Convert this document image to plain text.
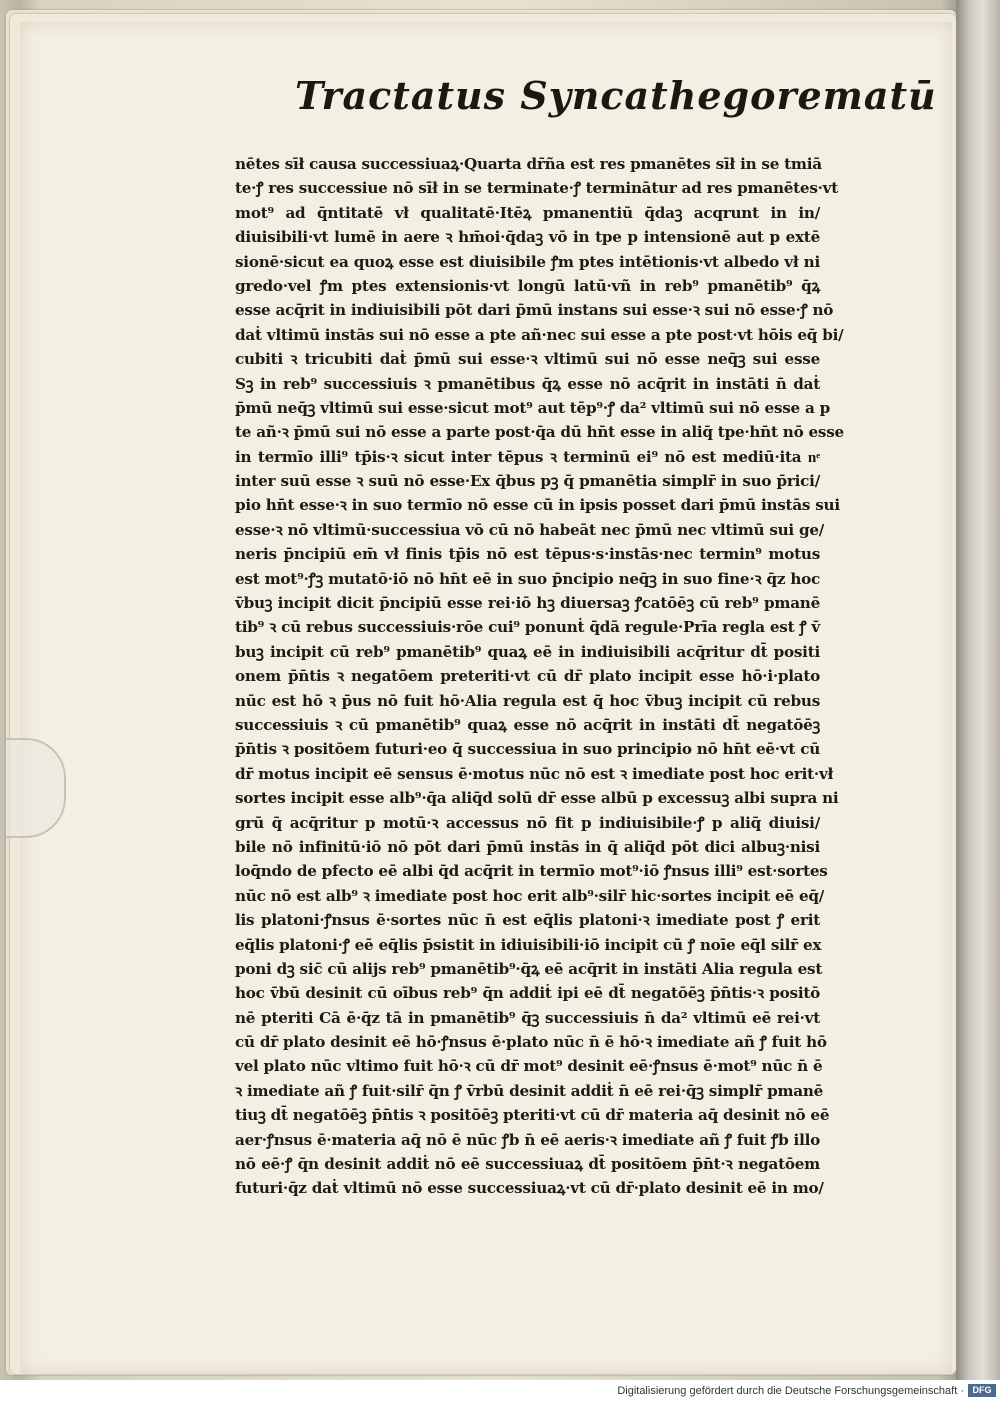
Tractatus Syncathegorematū
nētes sīł causa successiuaꝝ·Quarta dr̄ña est res pmanētes sīł in se tmiā
te·ꝭ res successiue nō sīł in se terminate·ꝭ terminātur ad res pmanētes·vt
mot⁹ ad q̄ntitatē vł qualitatē·Itēꝝ pmanentiū q̄daꝫ acqrunt in in/
diuisibili·vt lumē in aere ꝛ hm̄oi·q̄daꝫ vō in tpe p intensionē aut p extē
sionē·sicut ea quoꝝ esse est diuisibile ꝭm ptes intētionis·vt albedo vł ni
gredo·vel ꝭm ptes extensionis·vt longū latū·vñ in reb⁹ pmanētib⁹ q̄ꝝ
esse acq̄rit in indiuisibili pōt dari p̄mū instans sui esse·ꝛ sui nō esse·ꝭ nō
daṫ vltimū instās sui nō esse a pte añ·nec sui esse a pte post·vt hōis eq̄ bi/
cubiti ꝛ tricubiti daṫ p̄mū sui esse·ꝛ vltimū sui nō esse neq̄ꝫ sui esse
Sꝫ in reb⁹ successiuis ꝛ pmanētibus q̄ꝝ esse nō acq̄rit in instāti n̄ daṫ
p̄mū neq̄ꝫ vltimū sui esse·sicut mot⁹ aut tēp⁹·ꝭ da² vltimū sui nō esse a p
te añ·ꝛ p̄mū sui nō esse a parte post·q̄a dū hn̄t esse in aliq̄ tpe·hn̄t nō esse
in termīo illi⁹ tp̄is·ꝛ sicut inter tēpus ꝛ terminū ei⁹ nō est mediū·ita nͤ
inter suū esse ꝛ suū nō esse·Ex q̄bus pꝫ q̄ pmanētia simplr̄ in suo p̄rici/
pio hn̄t esse·ꝛ in suo termīo nō esse cū in ipsis posset dari p̄mū instās sui
esse·ꝛ nō vltimū·successiua vō cū nō habeāt nec p̄mū nec vltimū sui ge/
neris p̄ncipiū em̄ vł finis tp̄is nō est tēpus·s·instās·nec termin⁹ motus
est mot⁹·ꝭꝫ mutatō·iō nō hn̄t eē in suo p̄ncipio neq̄ꝫ in suo fine·ꝛ q̄z hoc
v̄buꝫ incipit dicit p̄ncipiū esse rei·iō hꝫ diuersaꝫ ꝭcatōēꝫ cū reb⁹ pmanē
tib⁹ ꝛ cū rebus successiuis·rōe cui⁹ ponunṫ q̄dā regule·Prīa regla est ꝭ v̄
buꝫ incipit cū reb⁹ pmanētib⁹ quaꝝ eē in indiuisibili acq̄ritur dt̄ positi
onem p̄n̄tis ꝛ negatōem preteriti·vt cū dr̄ plato incipit esse hō·i·plato
nūc est hō ꝛ p̄us nō fuit hō·Alia regula est q̄ hoc v̄buꝫ incipit cū rebus
successiuis ꝛ cū pmanētib⁹ quaꝝ esse nō acq̄rit in instāti dt̄ negatōēꝫ
p̄n̄tis ꝛ positōem futuri·eo q̄ successiua in suo principio nō hn̄t eē·vt cū
dr̄ motus incipit eē sensus ē·motus nūc nō est ꝛ imediate post hoc erit·vł
sortes incipit esse alb⁹·q̄a aliq̄d solū dr̄ esse albū p excessuꝫ albi supra ni
grū q̄ acq̄ritur p motū·ꝛ accessus nō fit p indiuisibile·ꝭ p aliq̄ diuisi/
bile nō infinitū·iō nō pōt dari p̄mū instās in q̄ aliq̄d pōt dici albuꝫ·nisi
loq̄ndo de pfecto eē albi q̄d acq̄rit in termīo mot⁹·iō ꝭnsus illi⁹ est·sortes
nūc nō est alb⁹ ꝛ imediate post hoc erit alb⁹·silr̄ hic·sortes incipit eē eq̄/
lis platoni·ꝭnsus ē·sortes nūc n̄ est eq̄lis platoni·ꝛ imediate post ꝭ erit
eq̄lis platoni·ꝭ eē eq̄lis p̄sistit in idiuisibili·iō incipit cū ꝭ noīe eq̄l silr̄ ex
poni dꝫ sic̄ cū alijs reb⁹ pmanētib⁹·q̄ꝝ eē acq̄rit in instāti Alia regula est
hoc v̄bū desinit cū oībus reb⁹ q̄n addiṫ ipi eē dt̄ negatōēꝫ p̄n̄tis·ꝛ positō
nē pteriti Cā ē·q̄z tā in pmanētib⁹ q̄ꝫ successiuis n̄ da² vltimū eē rei·vt
cū dr̄ plato desinit eē hō·ꝭnsus ē·plato nūc n̄ ē hō·ꝛ imediate añ ꝭ fuit hō
vel plato nūc vltimo fuit hō·ꝛ cū dr̄ mot⁹ desinit eē·ꝭnsus ē·mot⁹ nūc n̄ ē
ꝛ imediate añ ꝭ fuit·silr̄ q̄n ꝭ v̄rbū desinit addiṫ n̄ eē rei·q̄ꝫ simplr̄ pmanē
tiuꝫ dt̄ negatōēꝫ p̄n̄tis ꝛ positōēꝫ pteriti·vt cū dr̄ materia aq̄ desinit nō eē
aer·ꝭnsus ē·materia aq̄ nō ē nūc ꝭb n̄ eē aeris·ꝛ imediate añ ꝭ fuit ꝭb illo
nō eē·ꝭ q̄n desinit addiṫ nō eē successiuaꝝ dt̄ positōem p̄n̄t·ꝛ negatōem
futuri·q̄z daṫ vltimū nō esse successiuaꝝ·vt cū dr̄·plato desinit eē in mo/
Digitalisierung gefördert durch die Deutsche Forschungsgemeinschaft · DFG
